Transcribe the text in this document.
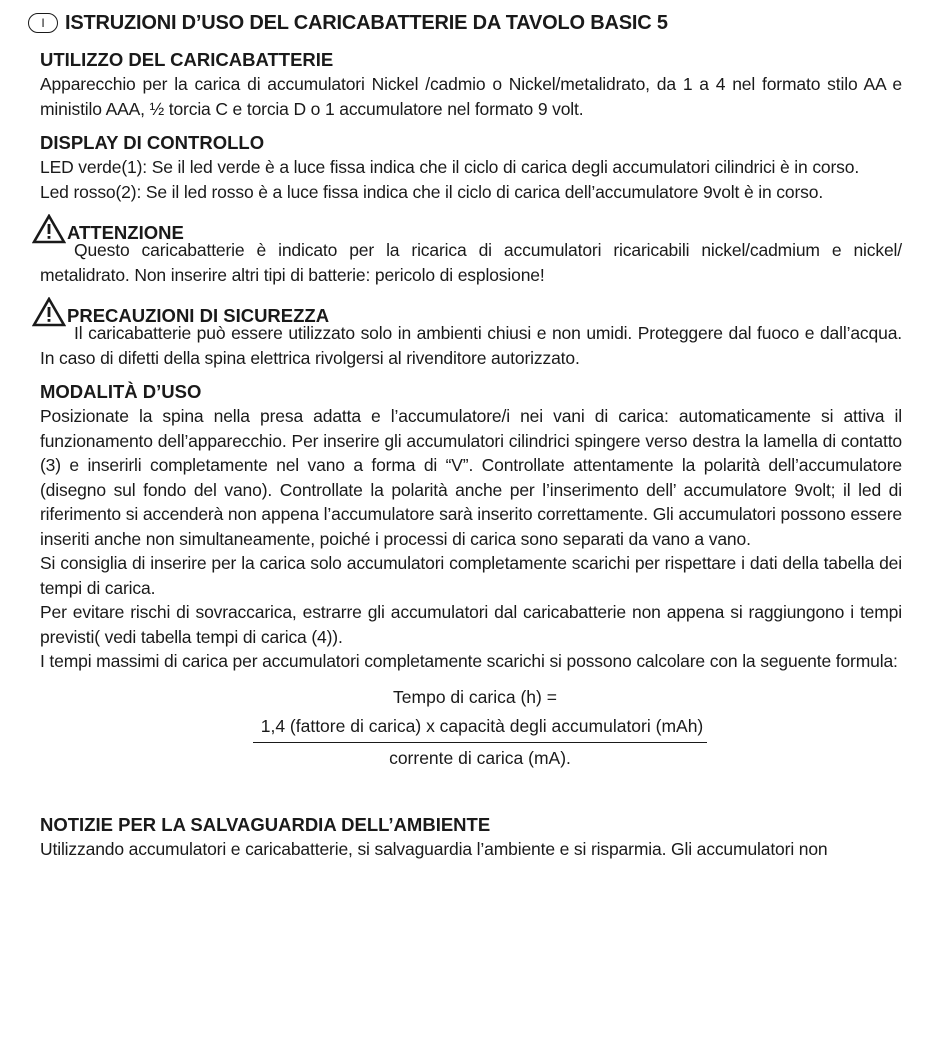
I	ISTRUZIONI D’USO DEL CARICABATTERIE DA TAVOLO BASIC 5
UTILIZZO DEL CARICABATTERIE

Apparecchio per la carica di accumulatori Nickel /cadmio o Nickel/metalidrato, da 1 a 4 nel formato stilo AA e ministilo AAA, ½ torcia C e torcia D o 1 accumulatore nel formato 9 volt.

DISPLAY DI CONTROLLO

LED verde(1): Se il led verde è a luce fissa indica che il ciclo di carica degli accumulatori cilindrici è in corso.

Led rosso(2): Se il led rosso è a luce fissa indica che il ciclo di carica dell’accumulatore 9volt è in corso.

ATTENZIONE

Questo caricabatterie è indicato per la ricarica di accumulatori ricaricabili nickel/cadmium e nickel/ metalidrato. Non inserire altri tipi di batterie: pericolo di esplosione!

PRECAUZIONI DI SICUREZZA

Il caricabatterie può essere utilizzato solo in ambienti chiusi e non umidi. Proteggere dal fuoco e dall’acqua. In caso di difetti della spina elettrica rivolgersi al rivenditore autorizzato.

MODALITÀ D’USO

Posizionate la spina nella presa adatta e l’accumulatore/i nei vani di carica: automaticamente si attiva il funzionamento dell’apparecchio. Per inserire gli accumulatori cilindrici spingere verso destra la lamella di contatto (3) e inserirli completamente nel vano a forma di “V”. Controllate attentamente la polarità dell’accumulatore (disegno sul fondo del vano). Controllate la polarità anche per l’inserimento dell’ accumulatore 9volt; il led di riferimento si accenderà non appena l’accumulatore sarà inserito correttamente. Gli accumulatori possono essere inseriti anche non simultaneamente, poiché i processi di carica sono separati da vano a vano.

Si consiglia di inserire per la carica solo accumulatori completamente scarichi per rispettare i dati della tabella dei tempi di carica.

Per evitare rischi di sovraccarica, estrarre gli accumulatori dal caricabatterie non appena si raggiungono i tempi previsti( vedi tabella tempi di carica (4)).

I tempi massimi di carica per accumulatori completamente scarichi si possono calcolare con la seguente formula:

Tempo di carica (h) =
$\frac{\text{1,4 (fattore di carica) x capacità degli accumulatori (mAh)}}{\text{corrente di carica (mA).}}$
NOTIZIE PER LA SALVAGUARDIA DELL’AMBIENTE

Utilizzando accumulatori e caricabatterie, si salvaguardia l’ambiente e si risparmia. Gli accumulatori non
